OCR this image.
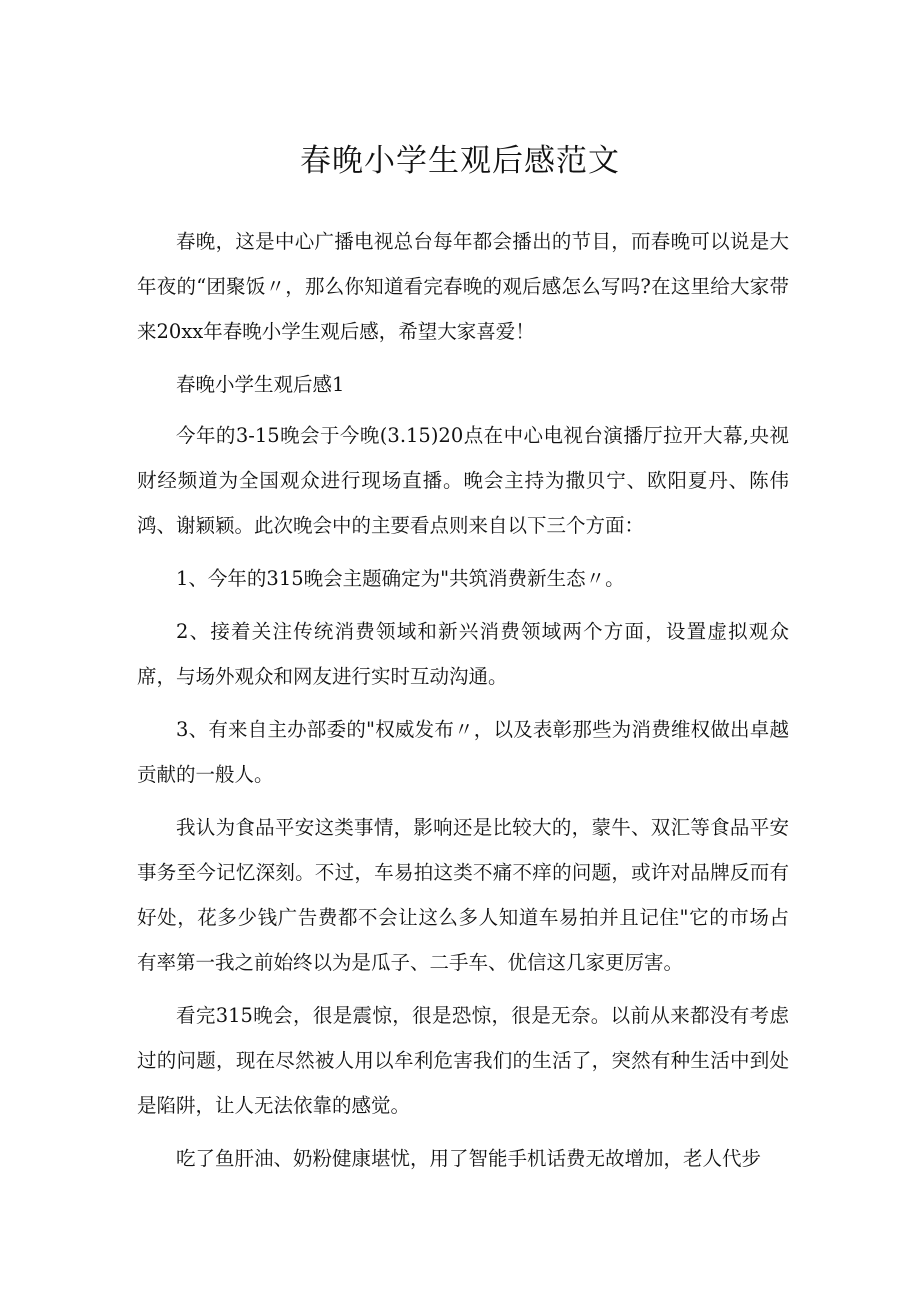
春晚小学生观后感范文

春晚，这是中心广播电视总台每年都会播出的节目，而春晚可以说是大年夜的“团聚饭〃，那么你知道看完春晚的观后感怎么写吗?在这里给大家带来20xx年春晚小学生观后感，希望大家喜爱！

春晚小学生观后感1

今年的3-15晚会于今晚(3.15)20点在中心电视台演播厅拉开大幕,央视财经频道为全国观众进行现场直播。晚会主持为撒贝宁、欧阳夏丹、陈伟鸿、谢颖颖。此次晚会中的主要看点则来自以下三个方面：

1、今年的315晚会主题确定为"共筑消费新生态〃。

2、接着关注传统消费领域和新兴消费领域两个方面，设置虚拟观众席，与场外观众和网友进行实时互动沟通。

3、有来自主办部委的"权威发布〃，以及表彰那些为消费维权做出卓越贡献的一般人。

我认为食品平安这类事情，影响还是比较大的，蒙牛、双汇等食品平安事务至今记忆深刻。不过，车易拍这类不痛不痒的问题，或许对品牌反而有好处，花多少钱广告费都不会让这么多人知道车易拍并且记住"它的市场占有率第一我之前始终以为是瓜子、二手车、优信这几家更厉害。

看完315晚会，很是震惊，很是恐惊，很是无奈。以前从来都没有考虑过的问题，现在尽然被人用以牟利危害我们的生活了，突然有种生活中到处是陷阱，让人无法依靠的感觉。

吃了鱼肝油、奶粉健康堪忧，用了智能手机话费无故增加，老人代步
